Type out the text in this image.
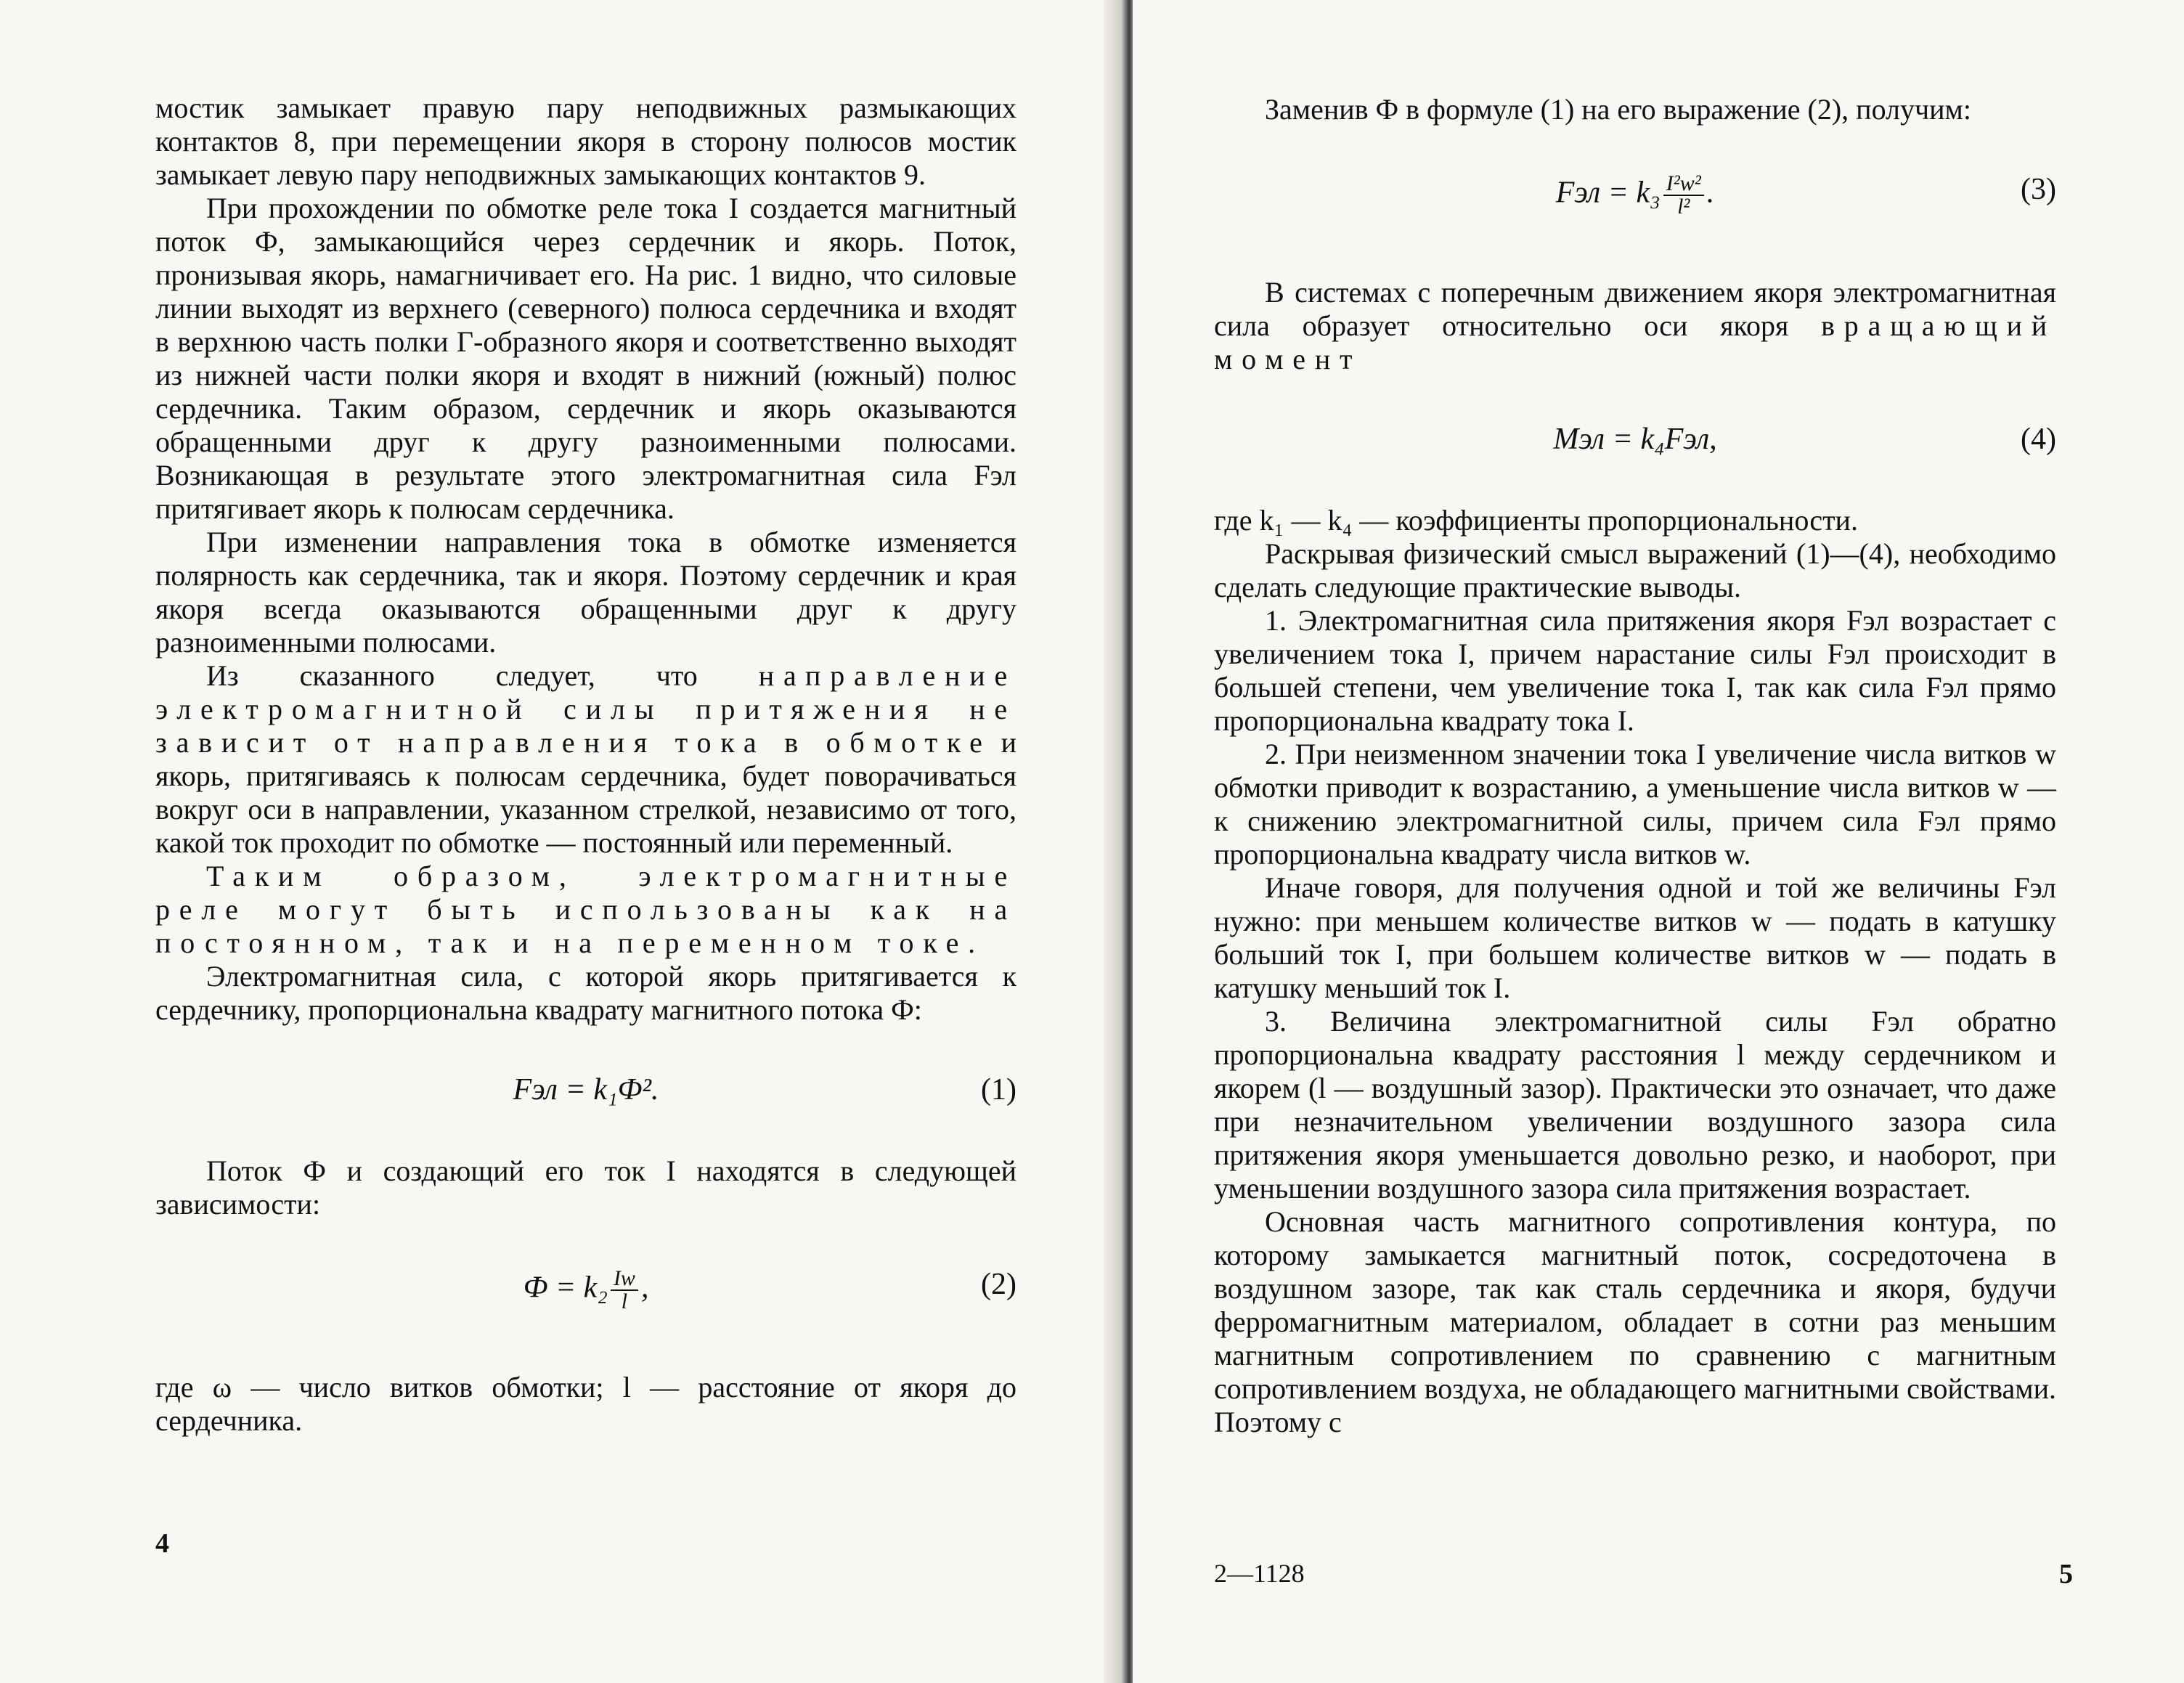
мостик замыкает правую пару неподвижных размыкающих контактов 8, при перемещении якоря в сторону полюсов мостик замыкает левую пару неподвижных замыкающих контактов 9.

При прохождении по обмотке реле тока I создается магнитный поток Ф, замыкающийся через сердечник и якорь. Поток, пронизывая якорь, намагничивает его. На рис. 1 видно, что силовые линии выходят из верхнего (северного) полюса сердечника и входят в верхнюю часть полки Г-образного якоря и соответственно выходят из нижней части полки якоря и входят в нижний (южный) полюс сердечника. Таким образом, сердечник и якорь оказываются обращенными друг к другу разноименными полюсами. Возникающая в результате этого электромагнитная сила Fэл притягивает якорь к полюсам сердечника.

При изменении направления тока в обмотке изменяется полярность как сердечника, так и якоря. Поэтому сердечник и края якоря всегда оказываются обращенными друг к другу разноименными полюсами.

Из сказанного следует, что направление электромагнитной силы притяжения не зависит от направления тока в обмотке и якорь, притягиваясь к полюсам сердечника, будет поворачиваться вокруг оси в направлении, указанном стрелкой, независимо от того, какой ток проходит по обмотке — постоянный или переменный.

Таким образом, электромагнитные реле могут быть использованы как на постоянном, так и на переменном токе.

Электромагнитная сила, с которой якорь притягивается к сердечнику, пропорциональна квадрату магнитного потока Ф:

Fэл = k₁Ф².	(1)

Поток Ф и создающий его ток I находятся в следующей зависимости:

$Ф = k_2 \frac{Iw}{l}$ ,	(2)

где ω — число витков обмотки; l — расстояние от якоря до сердечника.

4

Заменив Ф в формуле (1) на его выражение (2), получим:

Fэл = $k_3 \frac{\text{I²w²}}{\text{l²}}$ .	(3)

В системах с поперечным движением якоря электромагнитная сила образует относительно оси якоря вращающий момент

Mэл = k₄Fэл,	(4)

где k₁ — k₄ — коэффициенты пропорциональности.

Раскрывая физический смысл выражений (1)—(4), необходимо сделать следующие практические выводы.

1. Электромагнитная сила притяжения якоря Fэл возрастает с увеличением тока I, причем нарастание силы Fэл происходит в большей степени, чем увеличение тока I, так как сила Fэл прямо пропорциональна квадрату тока I.

2. При неизменном значении тока I увеличение числа витков w обмотки приводит к возрастанию, а уменьшение числа витков w — к снижению электромагнитной силы, причем сила Fэл прямо пропорциональна квадрату числа витков w.

Иначе говоря, для получения одной и той же величины Fэл нужно: при меньшем количестве витков w — подать в катушку больший ток I, при большем количестве витков w — подать в катушку меньший ток I.

3. Величина электромагнитной силы Fэл обратно пропорциональна квадрату расстояния l между сердечником и якорем (l — воздушный зазор). Практически это означает, что даже при незначительном увеличении воздушного зазора сила притяжения якоря уменьшается довольно резко, и наоборот, при уменьшении воздушного зазора сила притяжения возрастает.

Основная часть магнитного сопротивления контура, по которому замыкается магнитный поток, сосредоточена в воздушном зазоре, так как сталь сердечника и якоря, будучи ферромагнитным материалом, обладает в сотни раз меньшим магнитным сопротивлением по сравнению с магнитным сопротивлением воздуха, не обладающего магнитными свойствами. Поэтому с

2—1128	5
